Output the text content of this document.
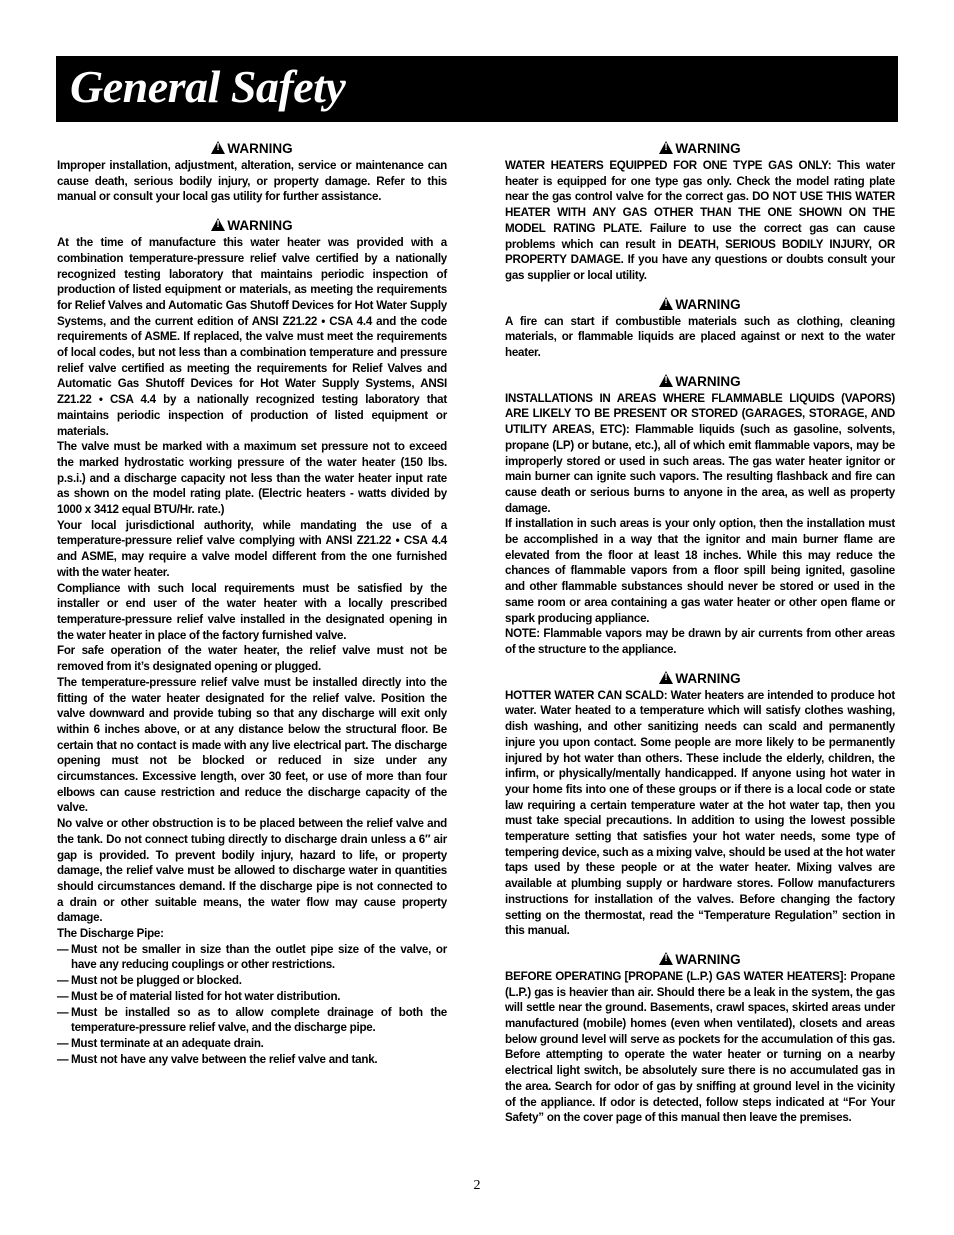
General Safety
!WARNING

Improper installation, adjustment, alteration, service or maintenance can cause death, serious bodily injury, or property damage. Refer to this manual or consult your local gas utility for further assistance.

!WARNING

At the time of manufacture this water heater was provided with a combination temperature-pressure relief valve certified by a nationally recognized testing laboratory that maintains periodic inspection of production of listed equipment or materials, as meeting the requirements for Relief Valves and Automatic Gas Shutoff Devices for Hot Water Supply Systems, and the current edition of ANSI Z21.22 • CSA 4.4 and the code requirements of ASME. If replaced, the valve must meet the requirements of local codes, but not less than a combination temperature and pressure relief valve certified as meeting the requirements for Relief Valves and Automatic Gas Shutoff Devices for Hot Water Supply Systems, ANSI Z21.22 • CSA 4.4 by a nationally recognized testing laboratory that maintains periodic inspection of production of listed equipment or materials.

The valve must be marked with a maximum set pressure not to exceed the marked hydrostatic working pressure of the water heater (150 lbs. p.s.i.) and a discharge capacity not less than the water heater input rate as shown on the model rating plate. (Electric heaters - watts divided by 1000 x 3412 equal BTU/Hr. rate.)

Your local jurisdictional authority, while mandating the use of a temperature-pressure relief valve complying with ANSI Z21.22 • CSA 4.4 and ASME, may require a valve model different from the one furnished with the water heater.

Compliance with such local requirements must be satisfied by the installer or end user of the water heater with a locally prescribed temperature-pressure relief valve installed in the designated opening in the water heater in place of the factory furnished valve.

For safe operation of the water heater, the relief valve must not be removed from it’s designated opening or plugged.

The temperature-pressure relief valve must be installed directly into the fitting of the water heater designated for the relief valve. Position the valve downward and provide tubing so that any discharge will exit only within 6 inches above, or at any distance below the structural floor. Be certain that no contact is made with any live electrical part. The discharge opening must not be blocked or reduced in size under any circumstances. Excessive length, over 30 feet, or use of more than four elbows can cause restriction and reduce the discharge capacity of the valve.

No valve or other obstruction is to be placed between the relief valve and the tank. Do not connect tubing directly to discharge drain unless a 6″ air gap is provided. To prevent bodily injury, hazard to life, or property damage, the relief valve must be allowed to discharge water in quantities should circumstances demand. If the discharge pipe is not connected to a drain or other suitable means, the water flow may cause property damage.

The Discharge Pipe:

— Must not be smaller in size than the outlet pipe size of the valve, or have any reducing couplings or other restrictions.
— Must not be plugged or blocked.
— Must be of material listed for hot water distribution.
— Must be installed so as to allow complete drainage of both the temperature-pressure relief valve, and the discharge pipe.
— Must terminate at an adequate drain.
— Must not have any valve between the relief valve and tank.
!WARNING

WATER HEATERS EQUIPPED FOR ONE TYPE GAS ONLY: This water heater is equipped for one type gas only. Check the model rating plate near the gas control valve for the correct gas. DO NOT USE THIS WATER HEATER WITH ANY GAS OTHER THAN THE ONE SHOWN ON THE MODEL RATING PLATE. Failure to use the correct gas can cause problems which can result in DEATH, SERIOUS BODILY INJURY, OR PROPERTY DAMAGE. If you have any questions or doubts consult your gas supplier or local utility.

!WARNING

A fire can start if combustible materials such as clothing, cleaning materials, or flammable liquids are placed against or next to the water heater.

!WARNING

INSTALLATIONS IN AREAS WHERE FLAMMABLE LIQUIDS (VAPORS) ARE LIKELY TO BE PRESENT OR STORED (GARAGES, STORAGE, AND UTILITY AREAS, ETC): Flammable liquids (such as gasoline, solvents, propane (LP) or butane, etc.), all of which emit flammable vapors, may be improperly stored or used in such areas. The gas water heater ignitor or main burner can ignite such vapors. The resulting flashback and fire can cause death or serious burns to anyone in the area, as well as property damage.

If installation in such areas is your only option, then the installation must be accomplished in a way that the ignitor and main burner flame are elevated from the floor at least 18 inches. While this may reduce the chances of flammable vapors from a floor spill being ignited, gasoline and other flammable substances should never be stored or used in the same room or area containing a gas water heater or other open flame or spark producing appliance.

NOTE: Flammable vapors may be drawn by air currents from other areas of the structure to the appliance.

!WARNING

HOTTER WATER CAN SCALD: Water heaters are intended to produce hot water. Water heated to a temperature which will satisfy clothes washing, dish washing, and other sanitizing needs can scald and permanently injure you upon contact. Some people are more likely to be permanently injured by hot water than others. These include the elderly, children, the infirm, or physically/mentally handicapped. If anyone using hot water in your home fits into one of these groups or if there is a local code or state law requiring a certain temperature water at the hot water tap, then you must take special precautions. In addition to using the lowest possible temperature setting that satisfies your hot water needs, some type of tempering device, such as a mixing valve, should be used at the hot water taps used by these people or at the water heater. Mixing valves are available at plumbing supply or hardware stores. Follow manufacturers instructions for installation of the valves. Before changing the factory setting on the thermostat, read the “Temperature Regulation” section in this manual.

!WARNING

BEFORE OPERATING [PROPANE (L.P.) GAS WATER HEATERS]: Propane (L.P.) gas is heavier than air. Should there be a leak in the system, the gas will settle near the ground. Basements, crawl spaces, skirted areas under manufactured (mobile) homes (even when ventilated), closets and areas below ground level will serve as pockets for the accumulation of this gas. Before attempting to operate the water heater or turning on a nearby electrical light switch, be absolutely sure there is no accumulated gas in the area. Search for odor of gas by sniffing at ground level in the vicinity of the appliance. If odor is detected, follow steps indicated at “For Your Safety” on the cover page of this manual then leave the premises.

2
